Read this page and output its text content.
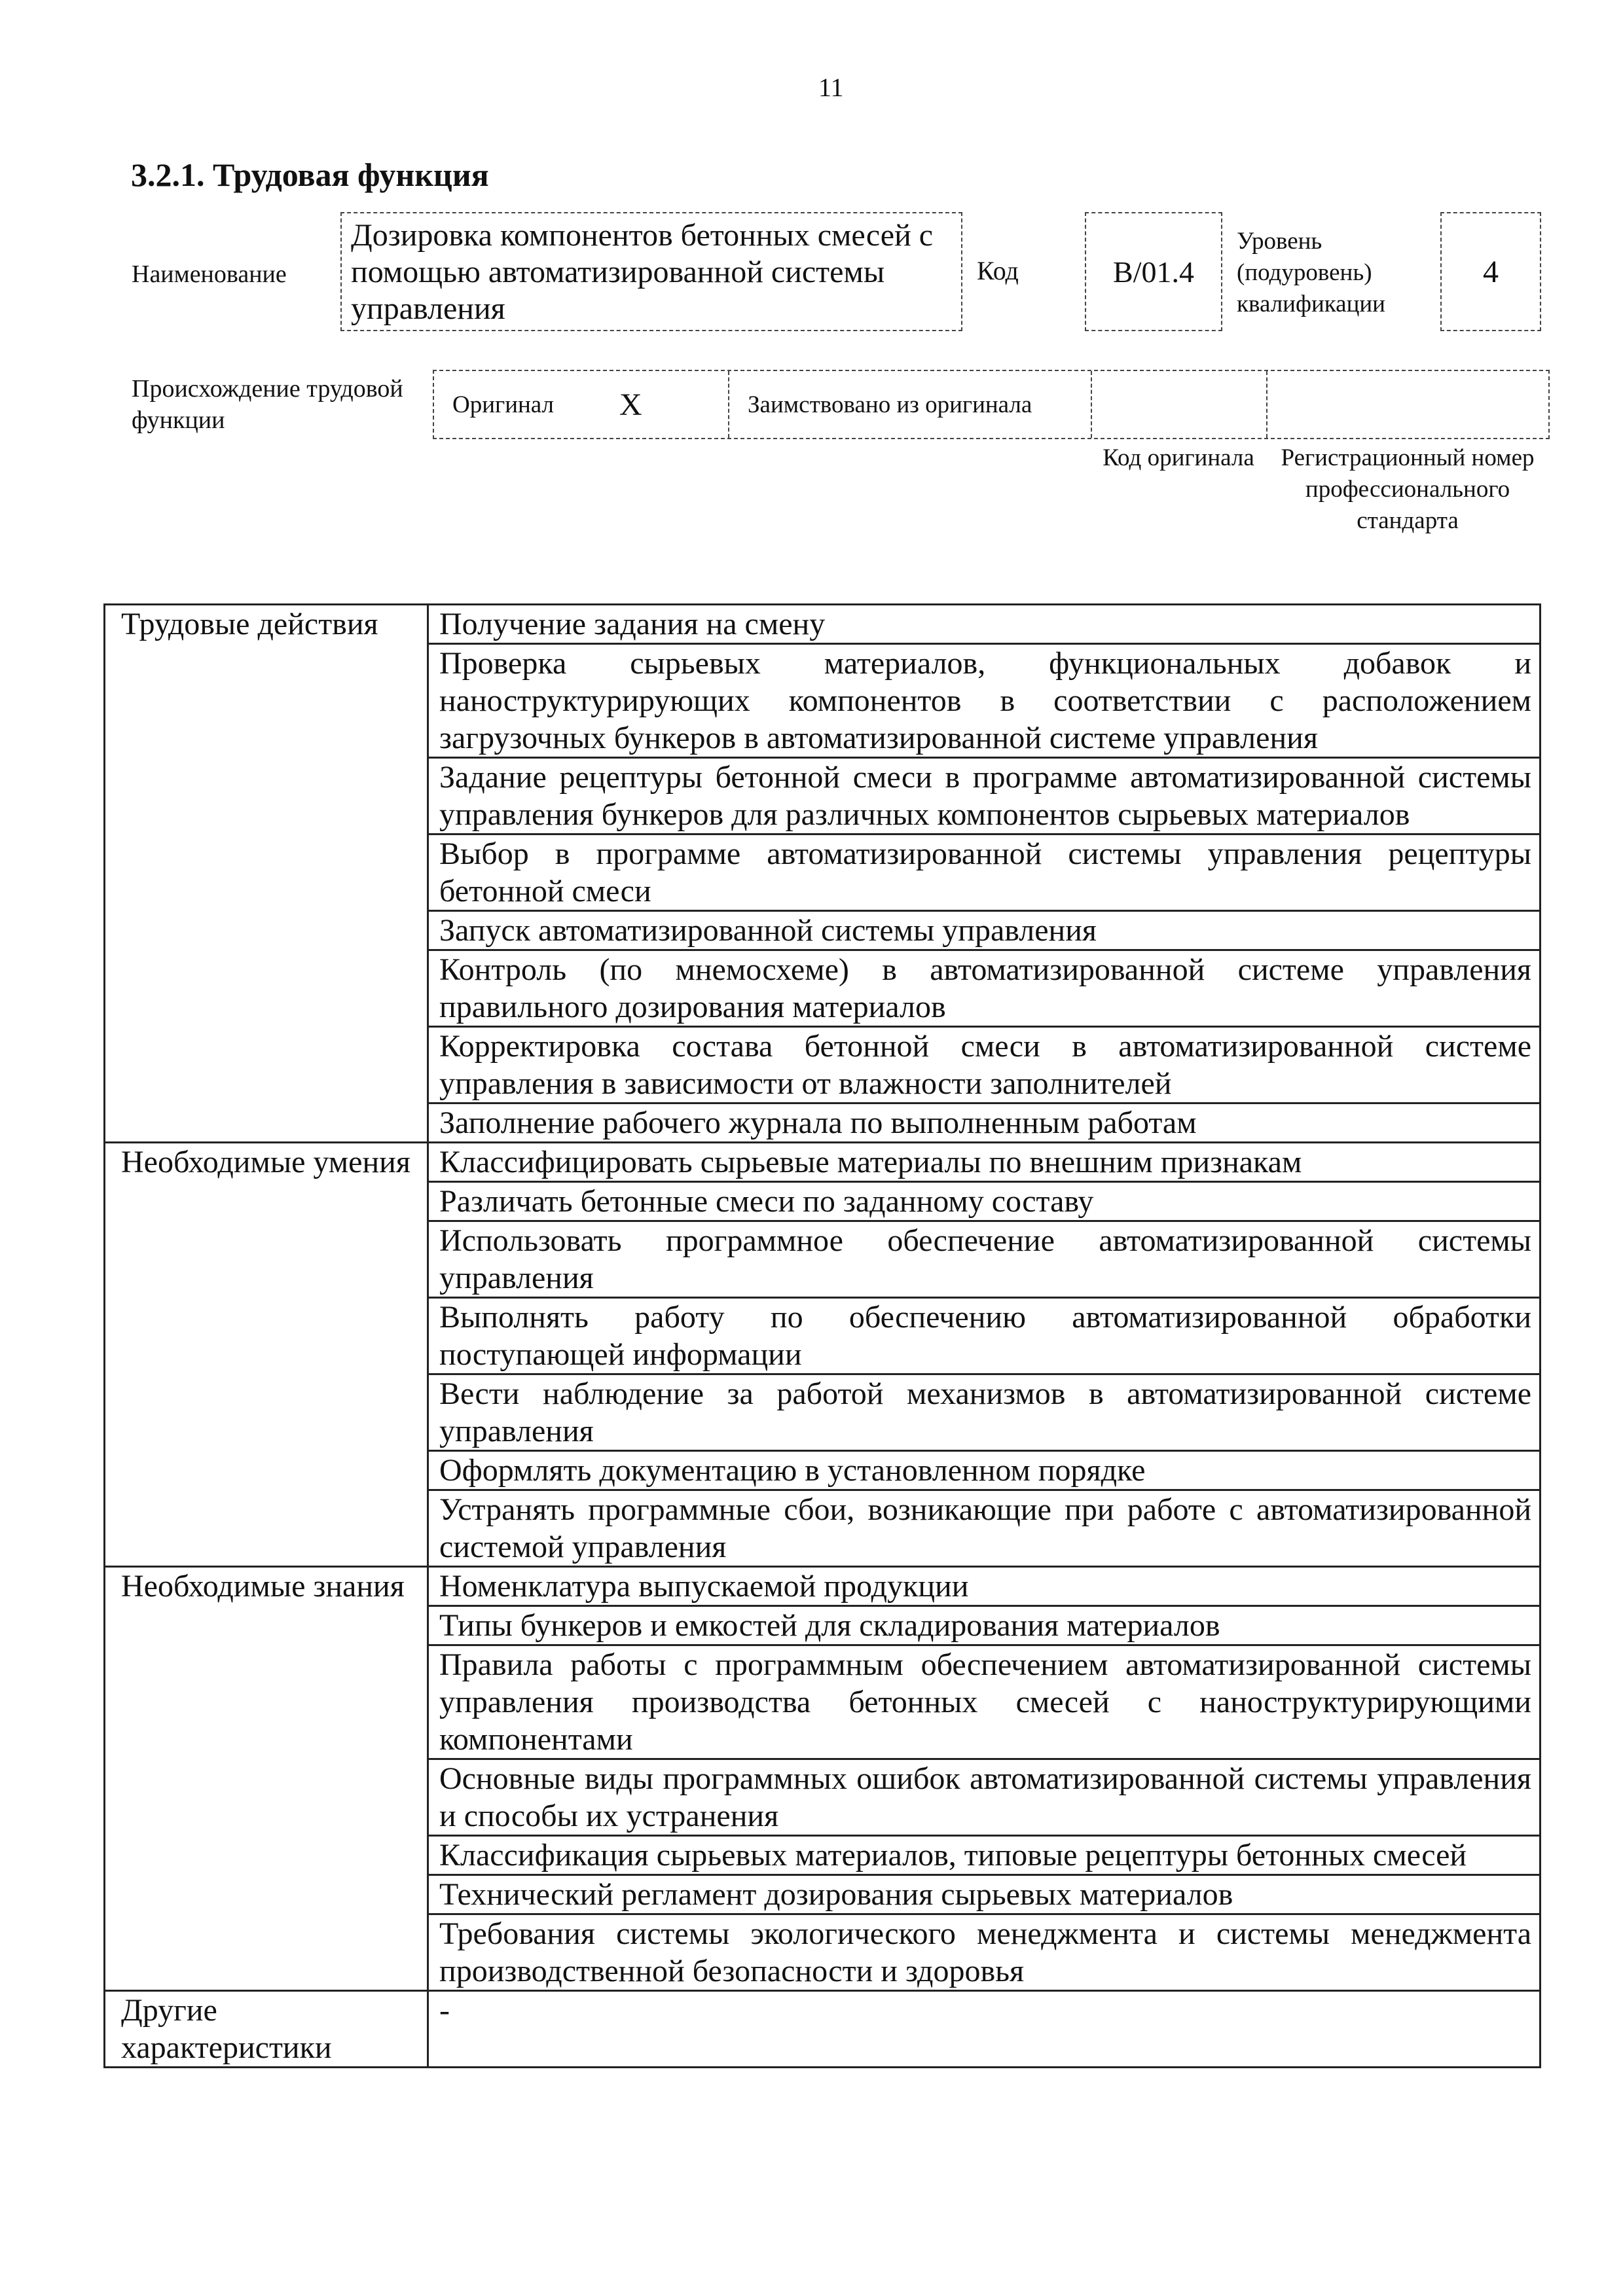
11
3.2.1. Трудовая функция
Наименование
Дозировка компонентов бетонных смесей с помощью автоматизированной системы управления
Код	B/01.4
Уровень (подуровень) квалификации
4
Происхождение трудовой функции
Оригинал X	Заимствовано из оригинала
Код оригинала	Регистрационный номер профессионального стандарта
Трудовые действия	Получение задания на смену
	Проверка сырьевых материалов, функциональных добавок и наноструктурирующих компонентов в соответствии с расположением загрузочных бункеров в автоматизированной системе управления
	Задание рецептуры бетонной смеси в программе автоматизированной системы управления бункеров для различных компонентов сырьевых материалов
	Выбор в программе автоматизированной системы управления рецептуры бетонной смеси
	Запуск автоматизированной системы управления
	Контроль (по мнемосхеме) в автоматизированной системе управления правильного дозирования материалов
	Корректировка состава бетонной смеси в автоматизированной системе управления в зависимости от влажности заполнителей
	Заполнение рабочего журнала по выполненным работам
Необходимые умения	Классифицировать сырьевые материалы по внешним признакам
	Различать бетонные смеси по заданному составу
	Использовать программное обеспечение автоматизированной системы управления
	Выполнять работу по обеспечению автоматизированной обработки поступающей информации
	Вести наблюдение за работой механизмов в автоматизированной системе управления
	Оформлять документацию в установленном порядке
	Устранять программные сбои, возникающие при работе с автоматизированной системой управления
Необходимые знания	Номенклатура выпускаемой продукции
	Типы бункеров и емкостей для складирования материалов
	Правила работы с программным обеспечением автоматизированной системы управления производства бетонных смесей с наноструктурирующими компонентами
	Основные виды программных ошибок автоматизированной системы управления и способы их устранения
	Классификация сырьевых материалов, типовые рецептуры бетонных смесей
	Технический регламент дозирования сырьевых материалов
	Требования системы экологического менеджмента и системы менеджмента производственной безопасности и здоровья
Другие характеристики	-
